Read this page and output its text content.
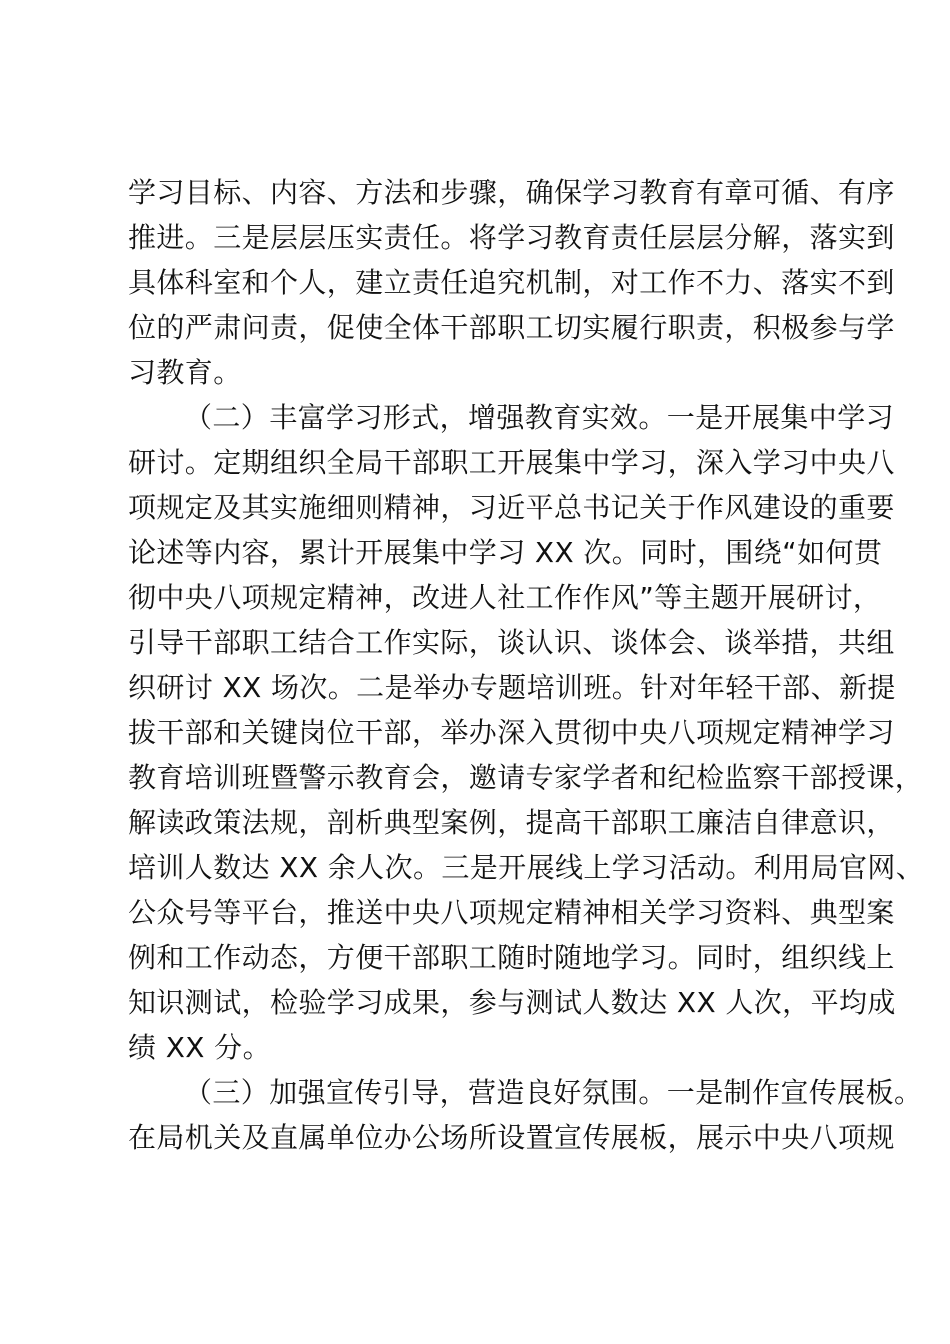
学习目标、内容、方法和步骤，确保学习教育有章可循、有序
推进。三是层层压实责任。将学习教育责任层层分解，落实到
具体科室和个人，建立责任追究机制，对工作不力、落实不到
位的严肃问责，促使全体干部职工切实履行职责，积极参与学
习教育。
（二）丰富学习形式，增强教育实效。一是开展集中学习
研讨。定期组织全局干部职工开展集中学习，深入学习中央八
项规定及其实施细则精神，习近平总书记关于作风建设的重要
论述等内容，累计开展集中学习 XX 次。同时，围绕“如何贯
彻中央八项规定精神，改进人社工作作风”等主题开展研讨，
引导干部职工结合工作实际，谈认识、谈体会、谈举措，共组
织研讨 XX 场次。二是举办专题培训班。针对年轻干部、新提
拔干部和关键岗位干部，举办深入贯彻中央八项规定精神学习
教育培训班暨警示教育会，邀请专家学者和纪检监察干部授课，
解读政策法规，剖析典型案例，提高干部职工廉洁自律意识，
培训人数达 XX 余人次。三是开展线上学习活动。利用局官网、
公众号等平台，推送中央八项规定精神相关学习资料、典型案
例和工作动态，方便干部职工随时随地学习。同时，组织线上
知识测试，检验学习成果，参与测试人数达 XX 人次，平均成
绩 XX 分。
（三）加强宣传引导，营造良好氛围。一是制作宣传展板。
在局机关及直属单位办公场所设置宣传展板，展示中央八项规
